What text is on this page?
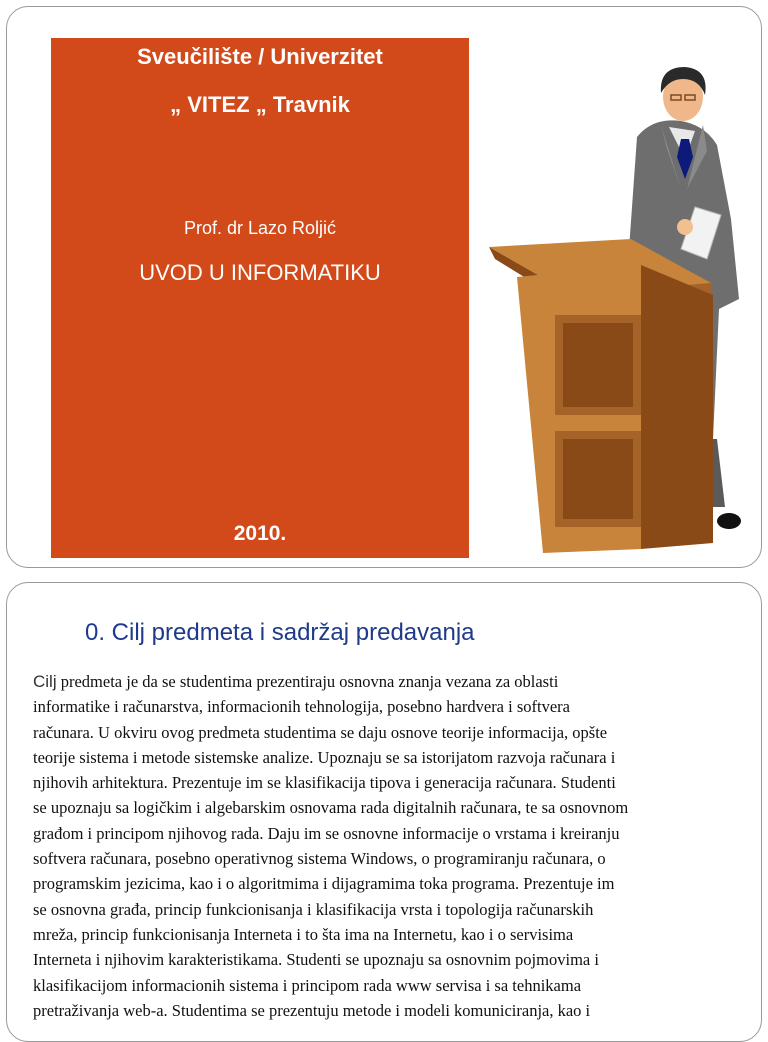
Sveučilište / Univerzitet
„ VITEZ „ Travnik
Prof. dr Lazo Roljić
UVOD U INFORMATIKU
2010.
0. Cilj predmeta i sadržaj predavanja
Cilj predmeta je da se studentima prezentiraju osnovna znanja vezana za oblasti
informatike i računarstva, informacionih tehnologija, posebno hardvera i softvera
računara. U okviru ovog predmeta studentima se daju osnove teorije informacija, opšte
teorije sistema i metode sistemske analize. Upoznaju se sa istorijatom razvoja računara i
njihovih arhitektura. Prezentuje im se klasifikacija tipova i generacija računara. Studenti
se upoznaju sa logičkim i algebarskim osnovama rada digitalnih računara, te sa osnovnom
građom i principom njihovog rada. Daju im se osnovne informacije o vrstama i kreiranju
softvera računara, posebno operativnog sistema Windows, o programiranju računara, o
programskim jezicima, kao i o algoritmima i dijagramima toka programa. Prezentuje im
se osnovna građa, princip funkcionisanja i klasifikacija vrsta i topologija računarskih
mreža, princip funkcionisanja Interneta i to šta ima na Internetu, kao i o servisima
Interneta i njihovim karakteristikama. Studenti se upoznaju sa osnovnim pojmovima i
klasifikacijom informacionih sistema i principom rada www servisa i sa tehnikama
pretraživanja web-a. Studentima se prezentuju metode i modeli komuniciranja, kao i
